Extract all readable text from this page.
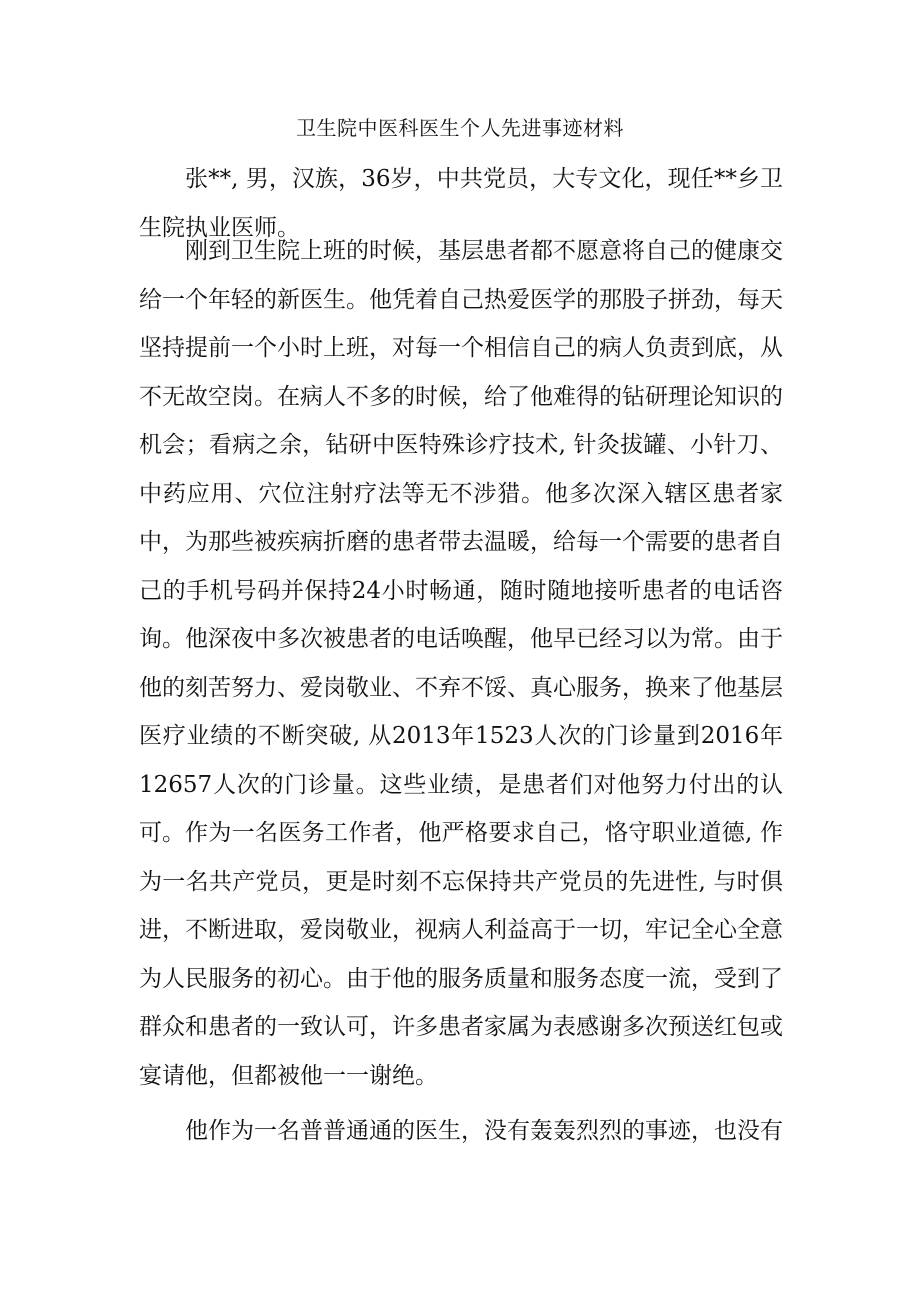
卫生院中医科医生个人先进事迹材料

张**, 男，汉族，36岁，中共党员，大专文化，现任**乡卫生院执业医师。

刚到卫生院上班的时候，基层患者都不愿意将自己的健康交给一个年轻的新医生。他凭着自己热爱医学的那股子拼劲，每天坚持提前一个小时上班，对每一个相信自己的病人负责到底，从不无故空岗。在病人不多的时候，给了他难得的钻研理论知识的机会；看病之余，钻研中医特殊诊疗技术, 针灸拔罐、小针刀、中药应用、穴位注射疗法等无不涉猎。他多次深入辖区患者家中，为那些被疾病折磨的患者带去温暖，给每一个需要的患者自己的手机号码并保持24小时畅通，随时随地接听患者的电话咨询。他深夜中多次被患者的电话唤醒，他早已经习以为常。由于他的刻苦努力、爱岗敬业、不弃不馁、真心服务，换来了他基层医疗业绩的不断突破, 从2013年1523人次的门诊量到2016年12657人次的门诊量。这些业绩，是患者们对他努力付出的认可。 作为一名医务工作者，他严格要求自己，恪守职业道德, 作为一名共产党员，更是时刻不忘保持共产党员的先进性, 与时俱进，不断进取，爱岗敬业，视病人利益高于一切，牢记全心全意为人民服务的初心。由于他的服务质量和服务态度一流，受到了群众和患者的一致认可，许多患者家属为表感谢多次预送红包或宴请他，但都被他一一谢绝。

他作为一名普普通通的医生，没有轰轰烈烈的事迹，也没有
